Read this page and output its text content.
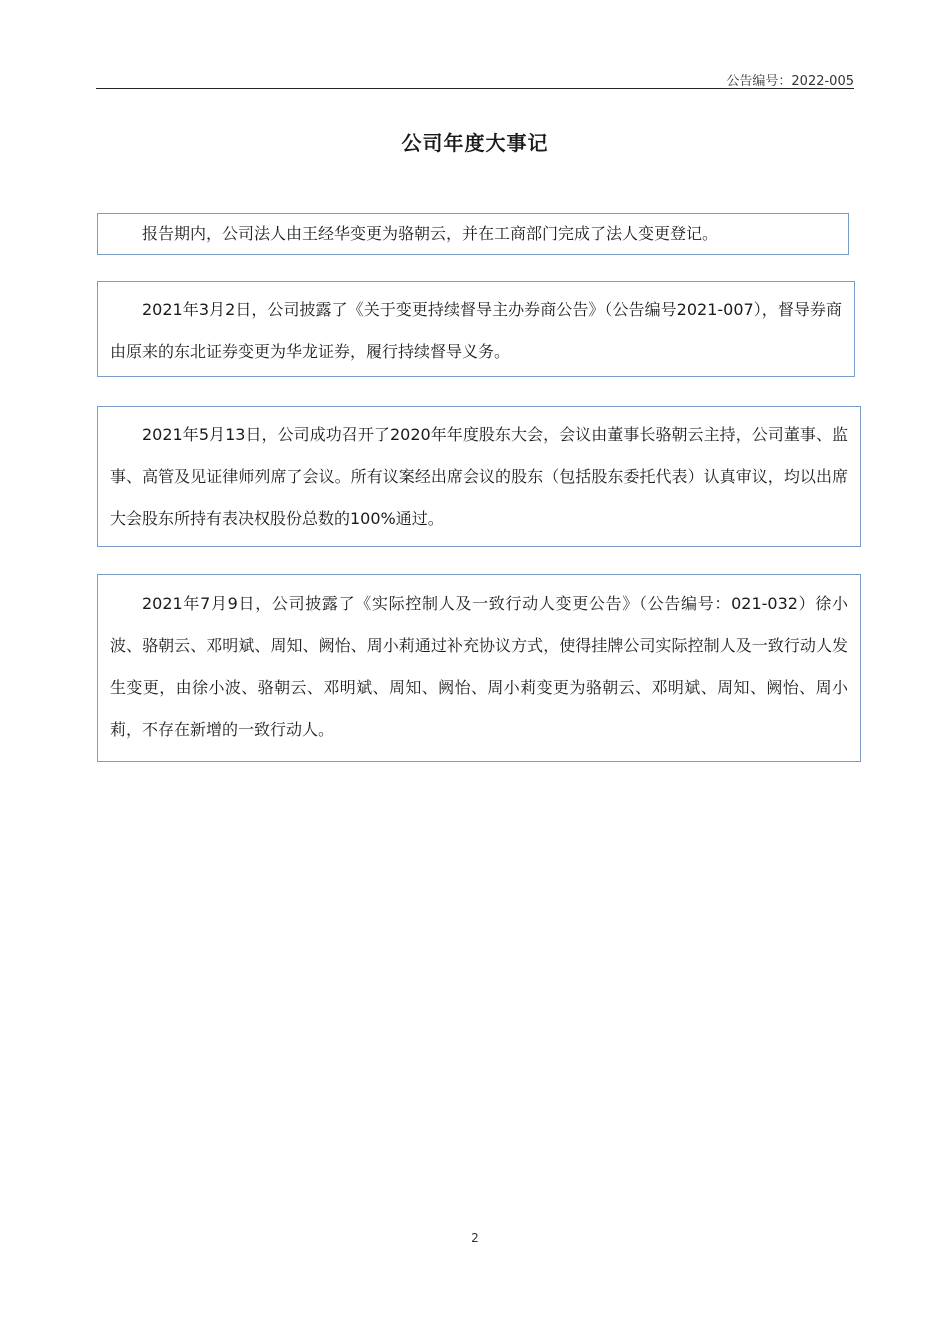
公告编号：2022-005
公司年度大事记

报告期内，公司法人由王经华变更为骆朝云，并在工商部门完成了法人变更登记。

2021年3月2日，公司披露了《关于变更持续督导主办券商公告》（公告编号2021-007），督导券商由原来的东北证券变更为华龙证券，履行持续督导义务。

2021年5月13日，公司成功召开了2020年年度股东大会，会议由董事长骆朝云主持，公司董事、监事、高管及见证律师列席了会议。所有议案经出席会议的股东（包括股东委托代表）认真审议，均以出席大会股东所持有表决权股份总数的100%通过。

2021年7月9日，公司披露了《实际控制人及一致行动人变更公告》（公告编号：021-032）徐小波、骆朝云、邓明斌、周知、阙怡、周小莉通过补充协议方式，使得挂牌公司实际控制人及一致行动人发生变更，由徐小波、骆朝云、邓明斌、周知、阙怡、周小莉变更为骆朝云、邓明斌、周知、阙怡、周小莉，不存在新增的一致行动人。

2
